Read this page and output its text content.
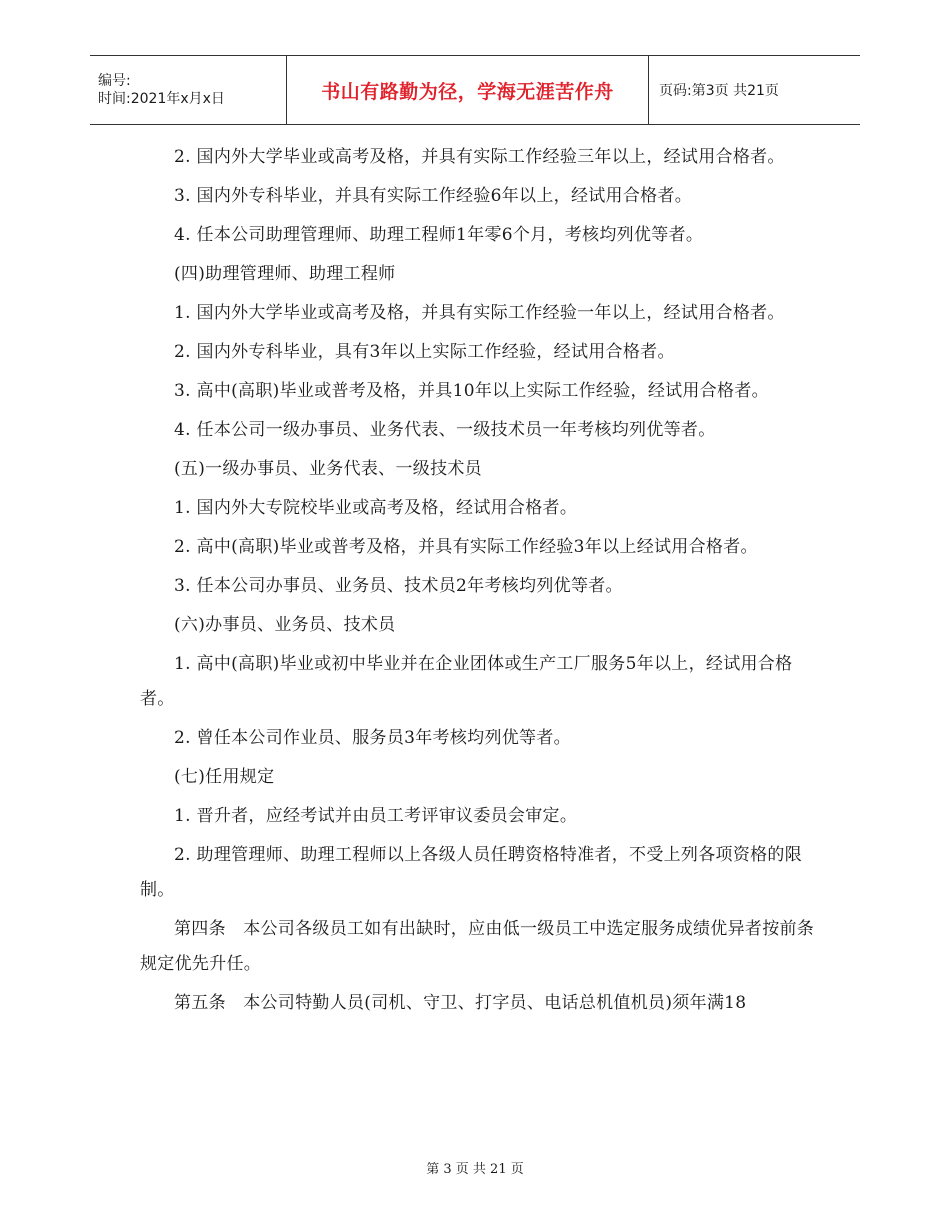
编号:
时间:2021年x月x日	书山有路勤为径，学海无涯苦作舟	页码:第3页 共21页

2. 国内外大学毕业或高考及格，并具有实际工作经验三年以上，经试用合格者。

3. 国内外专科毕业，并具有实际工作经验6年以上，经试用合格者。

4. 任本公司助理管理师、助理工程师1年零6个月，考核均列优等者。

(四)助理管理师、助理工程师

1. 国内外大学毕业或高考及格，并具有实际工作经验一年以上，经试用合格者。

2. 国内外专科毕业，具有3年以上实际工作经验，经试用合格者。

3. 高中(高职)毕业或普考及格，并具10年以上实际工作经验，经试用合格者。

4. 任本公司一级办事员、业务代表、一级技术员一年考核均列优等者。

(五)一级办事员、业务代表、一级技术员

1. 国内外大专院校毕业或高考及格，经试用合格者。

2. 高中(高职)毕业或普考及格，并具有实际工作经验3年以上经试用合格者。

3. 任本公司办事员、业务员、技术员2年考核均列优等者。

(六)办事员、业务员、技术员

1. 高中(高职)毕业或初中毕业并在企业团体或生产工厂服务5年以上，经试用合格者。

2. 曾任本公司作业员、服务员3年考核均列优等者。

(七)任用规定

1. 晋升者，应经考试并由员工考评审议委员会审定。

2. 助理管理师、助理工程师以上各级人员任聘资格特准者，不受上列各项资格的限制。

第四条　本公司各级员工如有出缺时，应由低一级员工中选定服务成绩优异者按前条规定优先升任。

第五条　本公司特勤人员(司机、守卫、打字员、电话总机值机员)须年满18

第 3 页 共 21 页
